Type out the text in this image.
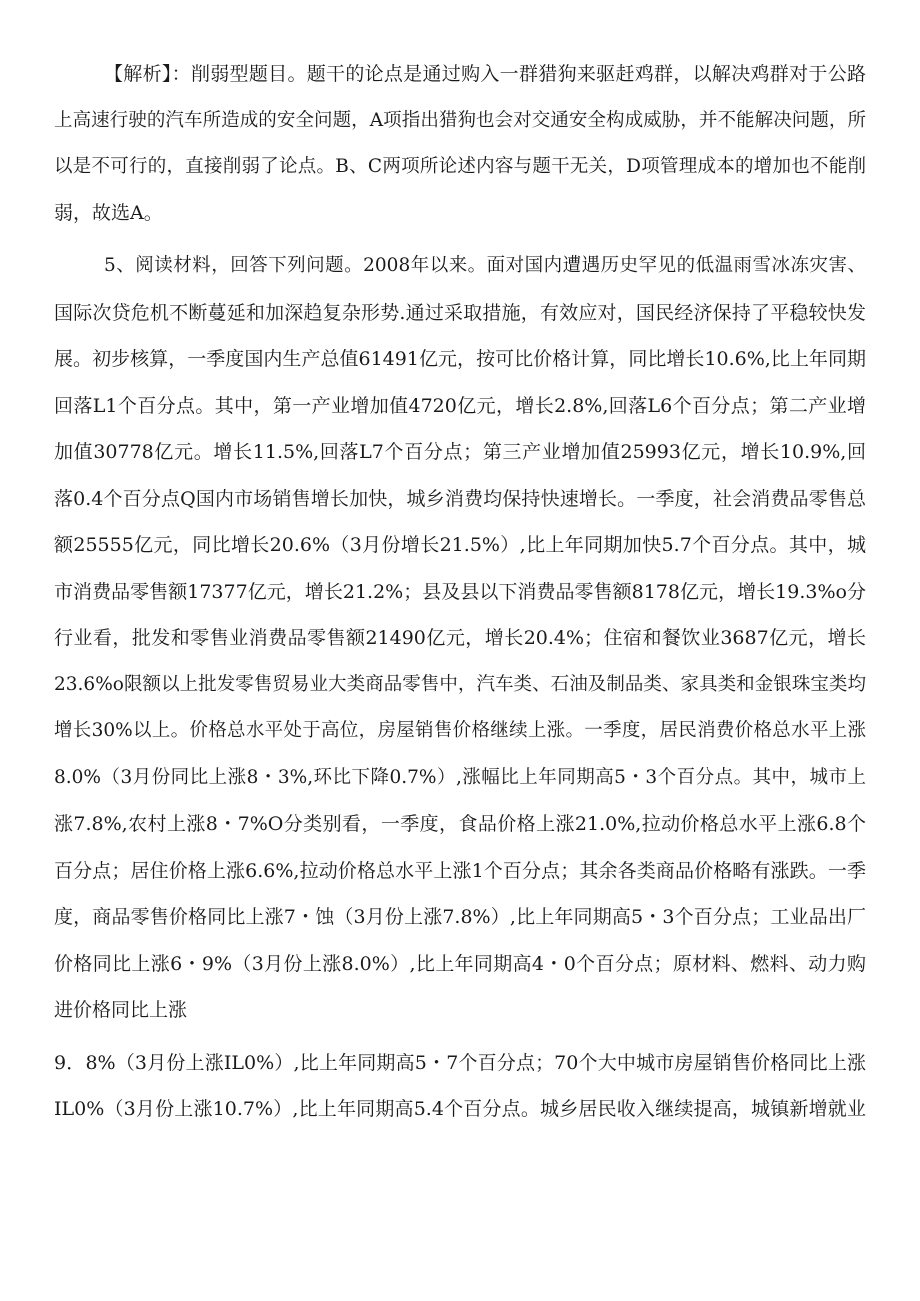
【解析】：削弱型题目。题干的论点是通过购入一群猎狗来驱赶鸡群，以解决鸡群对于公路
上高速行驶的汽车所造成的安全问题，A项指出猎狗也会对交通安全构成威胁，并不能解决问题，所
以是不可行的，直接削弱了论点。B、C两项所论述内容与题干无关，D项管理成本的增加也不能削
弱，故选A。
5、阅读材料，回答下列问题。2008年以来。面对国内遭遇历史罕见的低温雨雪冰冻灾害、
国际次贷危机不断蔓延和加深趋复杂形势.通过采取措施，有效应对，国民经济保持了平稳较快发
展。初步核算，一季度国内生产总值61491亿元，按可比价格计算，同比增长10.6%,比上年同期
回落L1个百分点。其中，第一产业增加值4720亿元，增长2.8%,回落L6个百分点；第二产业增
加值30778亿元。增长11.5%,回落L7个百分点；第三产业增加值25993亿元，增长10.9%,回
落0.4个百分点Q国内市场销售增长加快，城乡消费均保持快速增长。一季度，社会消费品零售总
额25555亿元，同比增长20.6%（3月份增长21.5%）,比上年同期加快5.7个百分点。其中，城
市消费品零售额17377亿元，增长21.2%；县及县以下消费品零售额8178亿元，增长19.3%o分
行业看，批发和零售业消费品零售额21490亿元，增长20.4%；住宿和餐饮业3687亿元，增长
23.6%o限额以上批发零售贸易业大类商品零售中，汽车类、石油及制品类、家具类和金银珠宝类均
增长30%以上。价格总水平处于高位，房屋销售价格继续上涨。一季度，居民消费价格总水平上涨
8.0%（3月份同比上涨8・3%,环比下降0.7%）,涨幅比上年同期高5・3个百分点。其中，城市上
涨7.8%,农村上涨8・7%O分类别看，一季度，食品价格上涨21.0%,拉动价格总水平上涨6.8个
百分点；居住价格上涨6.6%,拉动价格总水平上涨1个百分点；其余各类商品价格略有涨跌。一季
度，商品零售价格同比上涨7・蚀（3月份上涨7.8%）,比上年同期高5・3个百分点；工业品出厂
价格同比上涨6・9%（3月份上涨8.0%）,比上年同期高4・0个百分点；原材料、燃料、动力购
进价格同比上涨
9．8%（3月份上涨IL0%）,比上年同期高5・7个百分点；70个大中城市房屋销售价格同比上涨
IL0%（3月份上涨10.7%）,比上年同期高5.4个百分点。城乡居民收入继续提高，城镇新增就业
